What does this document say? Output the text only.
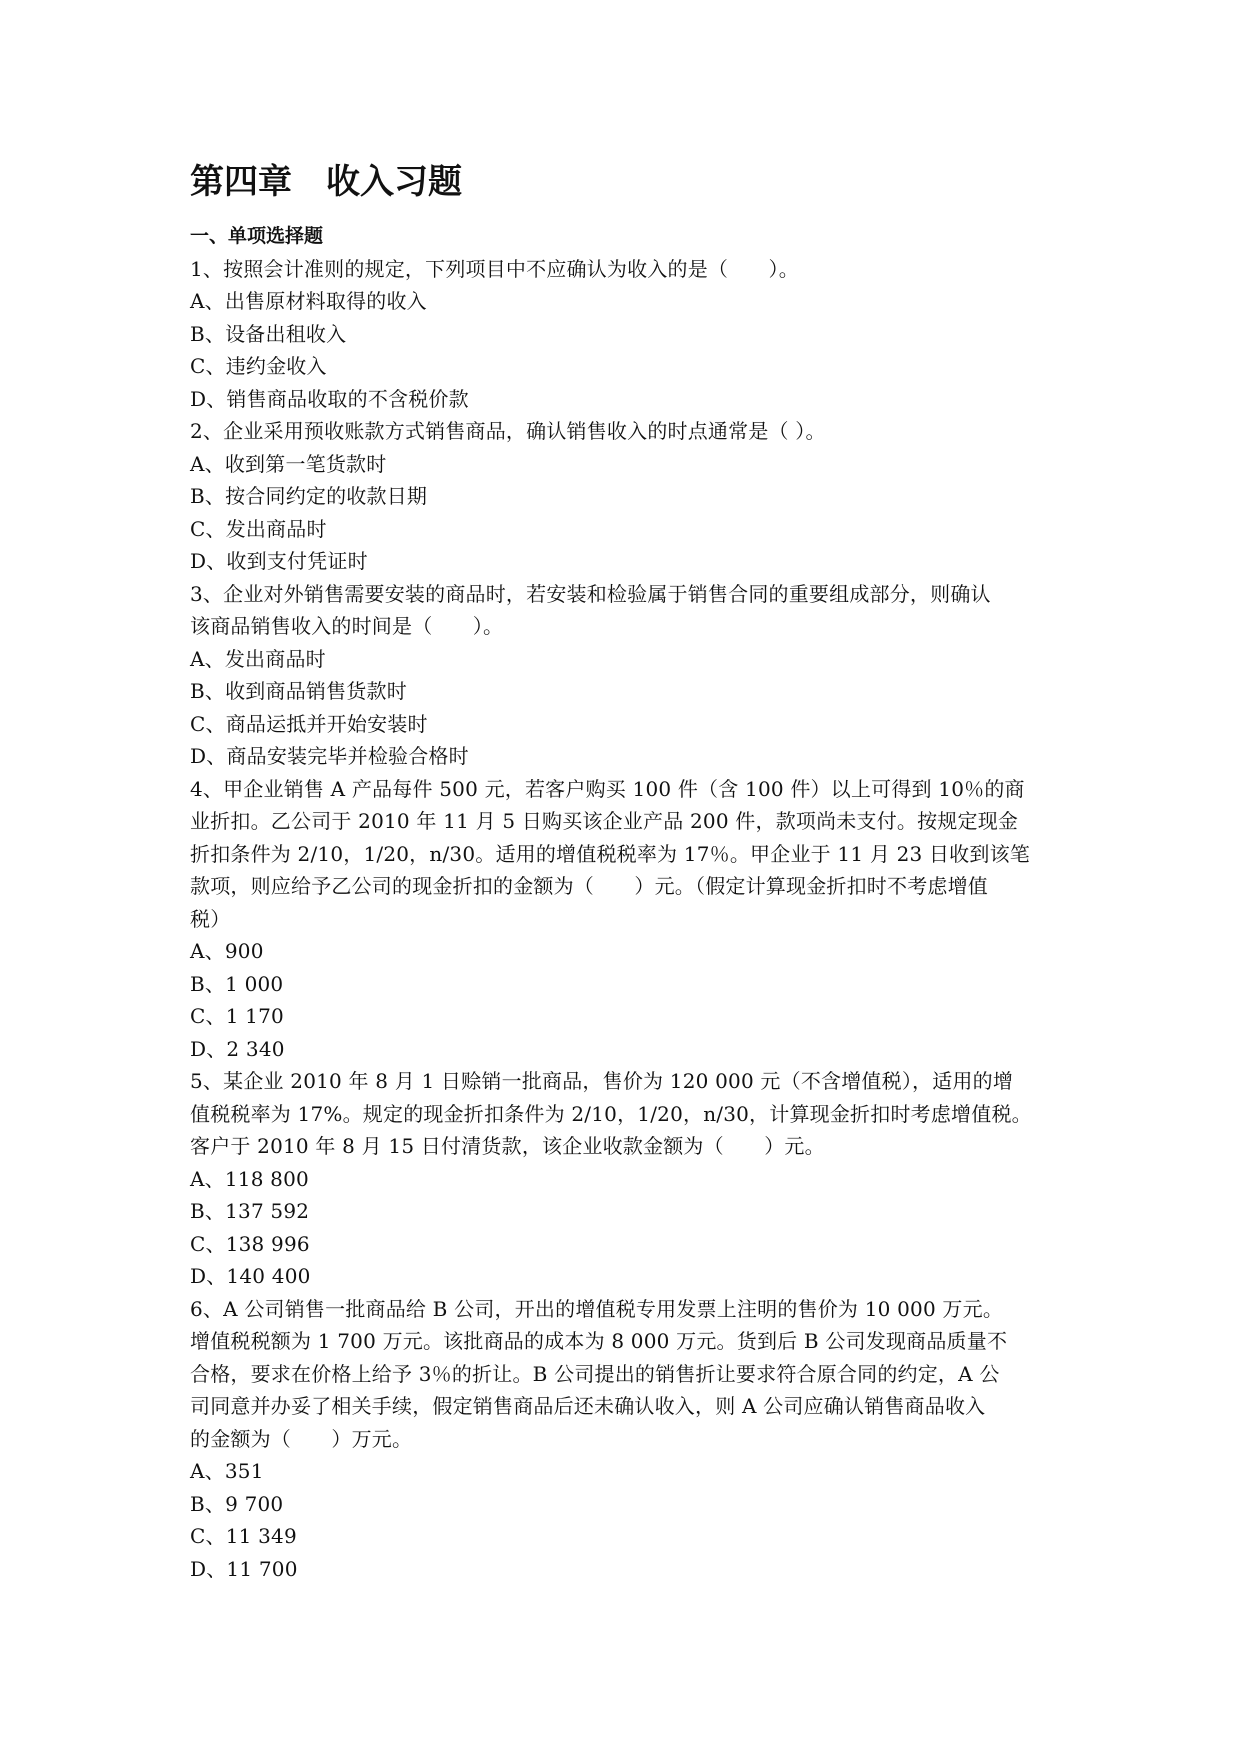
第四章　收入习题
一、单项选择题
1、按照会计准则的规定，下列项目中不应确认为收入的是（　　）。
A、出售原材料取得的收入
B、设备出租收入
C、违约金收入
D、销售商品收取的不含税价款
2、企业采用预收账款方式销售商品，确认销售收入的时点通常是（ ）。
A、收到第一笔货款时
B、按合同约定的收款日期
C、发出商品时
D、收到支付凭证时
3、企业对外销售需要安装的商品时，若安装和检验属于销售合同的重要组成部分，则确认
该商品销售收入的时间是（　　）。
A、发出商品时
B、收到商品销售货款时
C、商品运抵并开始安装时
D、商品安装完毕并检验合格时
4、甲企业销售 A 产品每件 500 元，若客户购买 100 件（含 100 件）以上可得到 10％的商
业折扣。乙公司于 2010 年 11 月 5 日购买该企业产品 200 件，款项尚未支付。按规定现金
折扣条件为 2/10，1/20，n/30。适用的增值税税率为 17％。甲企业于 11 月 23 日收到该笔
款项，则应给予乙公司的现金折扣的金额为（　　）元。（假定计算现金折扣时不考虑增值
税）
A、900
B、1 000
C、1 170
D、2 340
5、某企业 2010 年 8 月 1 日赊销一批商品，售价为 120 000 元（不含增值税），适用的增
值税税率为 17%。规定的现金折扣条件为 2/10，1/20，n/30，计算现金折扣时考虑增值税。
客户于 2010 年 8 月 15 日付清货款，该企业收款金额为（　　）元。
A、118 800
B、137 592
C、138 996
D、140 400
6、A 公司销售一批商品给 B 公司，开出的增值税专用发票上注明的售价为 10 000 万元。
增值税税额为 1 700 万元。该批商品的成本为 8 000 万元。货到后 B 公司发现商品质量不
合格，要求在价格上给予 3％的折让。B 公司提出的销售折让要求符合原合同的约定，A 公
司同意并办妥了相关手续，假定销售商品后还未确认收入，则 A 公司应确认销售商品收入
的金额为（　　）万元。
A、351
B、9 700
C、11 349
D、11 700
